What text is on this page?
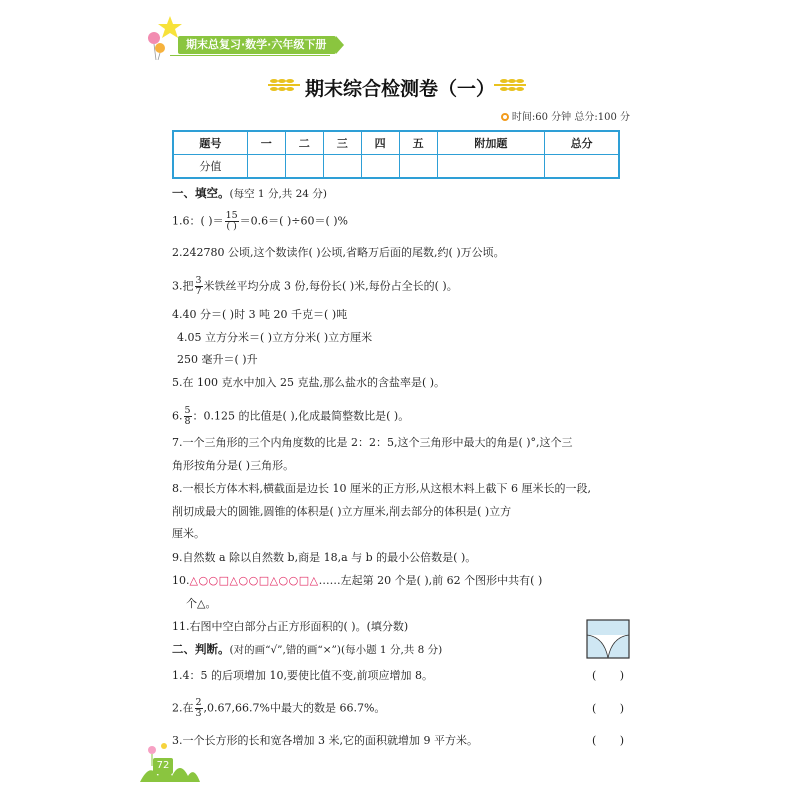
期末总复习·数学·六年级下册
期末综合检测卷（一）
时间:60 分钟 总分:100 分
题号	一	二	三	四	五	附加题	总分
分值							
一、填空。(每空 1 分,共 24 分)
1.6：( )＝ $\frac{15}{( )} =0.6=$( )÷60＝( )%
2.242780 公顷,这个数读作( )公顷,省略万后面的尾数,约( )万公顷。
3.把 $\frac{3}{7}$ 米铁丝平均分成 3 份,每份长( )米,每份占全长的( )。
4.40 分＝( )时 3 吨 20 千克＝( )吨
4.05 立方分米＝( )立方分米( )立方厘米
250 毫升＝( )升
5.在 100 克水中加入 25 克盐,那么盐水的含盐率是( )。
6. $\frac{5}{8}$ ：0.125 的比值是( ),化成最简整数比是( )。
7.一个三角形的三个内角度数的比是 2：2：5,这个三角形中最大的角是( )°,这个三
角形按角分是( )三角形。
8.一根长方体木料,横截面是边长 10 厘米的正方形,从这根木料上截下 6 厘米长的一段,
削切成最大的圆锥,圆锥的体积是( )立方厘米,削去部分的体积是( )立方
厘米。
9.自然数 a 除以自然数 b,商是 18,a 与 b 的最小公倍数是( )。
10.△○○□△○○□△○○□△……左起第 20 个是( ),前 62 个图形中共有( )
个△。
11.右图中空白部分占正方形面积的( )。(填分数)
二、判断。(对的画“√”,错的画“×”)(每小题 1 分,共 8 分)
1.4：5 的后项增加 10,要使比值不变,前项应增加 8。	( )
2.在 $\frac{2}{3} ,0.67,66.7\%$中最大的数是 66.7%。	( )
3.一个长方形的长和宽各增加 3 米,它的面积就增加 9 平方米。	( )
72
